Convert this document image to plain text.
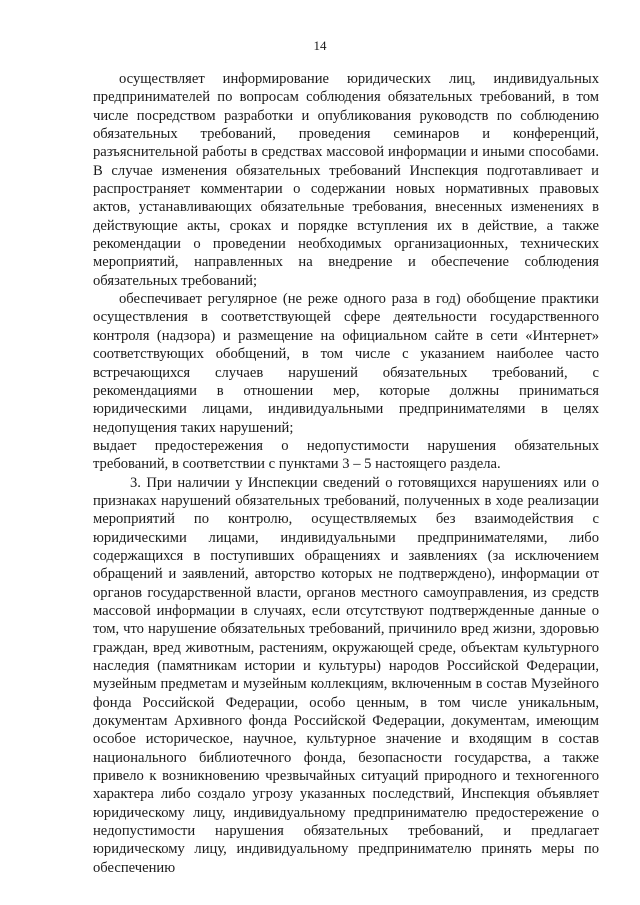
14

осуществляет информирование юридических лиц, индивидуальных предпринимателей по вопросам соблюдения обязательных требований, в том числе посредством разработки и опубликования руководств по соблюдению обязательных требований, проведения семинаров и конференций, разъяснительной работы в средствах массовой информации и иными способами. В случае изменения обязательных требований Инспекция подготавливает и распространяет комментарии о содержании новых нормативных правовых актов, устанавливающих обязательные требования, внесенных изменениях в действующие акты, сроках и порядке вступления их в действие, а также рекомендации о проведении необходимых организационных, технических мероприятий, направленных на внедрение и обеспечение соблюдения обязательных требований;

обеспечивает регулярное (не реже одного раза в год) обобщение практики осуществления в соответствующей сфере деятельности государственного контроля (надзора) и размещение на официальном сайте в сети «Интернет» соответствующих обобщений, в том числе с указанием наиболее часто встречающихся случаев нарушений обязательных требований, с рекомендациями в отношении мер, которые должны приниматься юридическими лицами, индивидуальными предпринимателями в целях недопущения таких нарушений;

выдает предостережения о недопустимости нарушения обязательных требований, в соответствии с пунктами 3 – 5 настоящего раздела.

3. При наличии у Инспекции сведений о готовящихся нарушениях или о признаках нарушений обязательных требований, полученных в ходе реализации мероприятий по контролю, осуществляемых без взаимодействия с юридическими лицами, индивидуальными предпринимателями, либо содержащихся в поступивших обращениях и заявлениях (за исключением обращений и заявлений, авторство которых не подтверждено), информации от органов государственной власти, органов местного самоуправления, из средств массовой информации в случаях, если отсутствуют подтвержденные данные о том, что нарушение обязательных требований, причинило вред жизни, здоровью граждан, вред животным, растениям, окружающей среде, объектам культурного наследия (памятникам истории и культуры) народов Российской Федерации, музейным предметам и музейным коллекциям, включенным в состав Музейного фонда Российской Федерации, особо ценным, в том числе уникальным, документам Архивного фонда Российской Федерации, документам, имеющим особое историческое, научное, культурное значение и входящим в состав национального библиотечного фонда, безопасности государства, а также привело к возникновению чрезвычайных ситуаций природного и техногенного характера либо создало угрозу указанных последствий, Инспекция объявляет юридическому лицу, индивидуальному предпринимателю предостережение о недопустимости нарушения обязательных требований, и предлагает юридическому лицу, индивидуальному предпринимателю принять меры по обеспечению
